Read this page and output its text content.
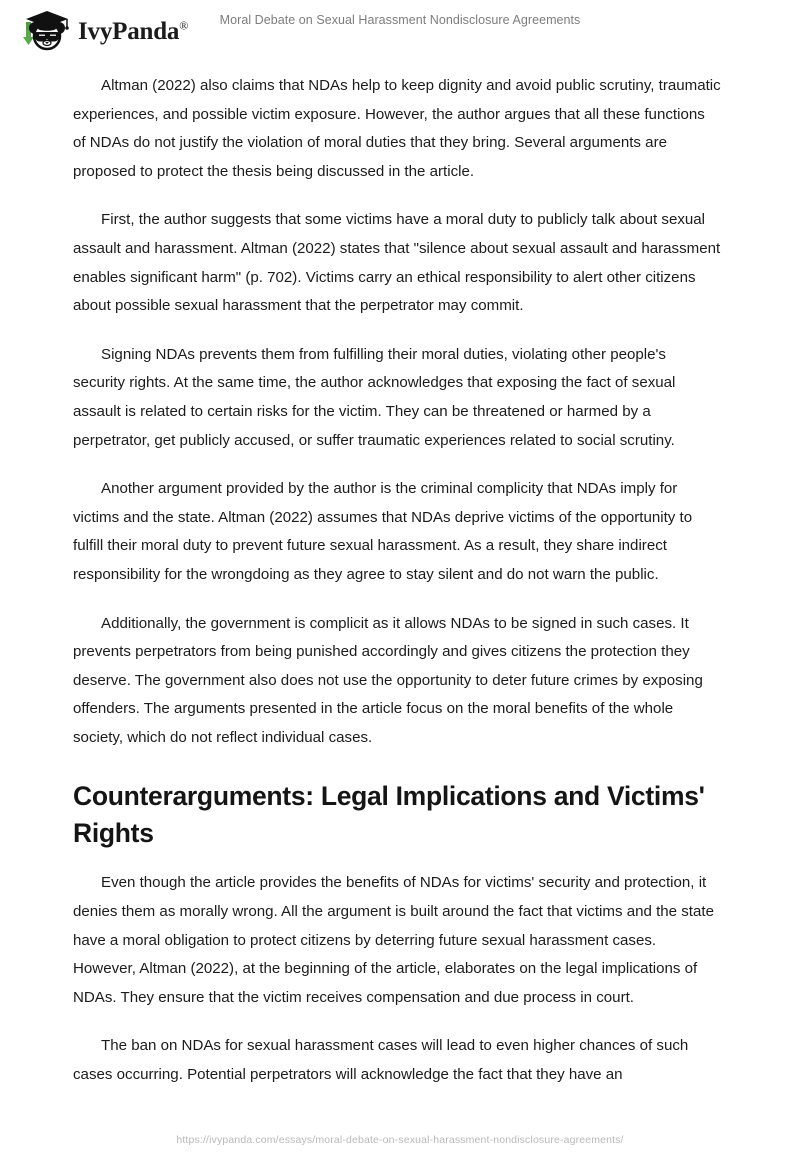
IvyPanda®	Moral Debate on Sexual Harassment Nondisclosure Agreements

Altman (2022) also claims that NDAs help to keep dignity and avoid public scrutiny, traumatic experiences, and possible victim exposure. However, the author argues that all these functions of NDAs do not justify the violation of moral duties that they bring. Several arguments are proposed to protect the thesis being discussed in the article.

First, the author suggests that some victims have a moral duty to publicly talk about sexual assault and harassment. Altman (2022) states that "silence about sexual assault and harassment enables significant harm" (p. 702). Victims carry an ethical responsibility to alert other citizens about possible sexual harassment that the perpetrator may commit.

Signing NDAs prevents them from fulfilling their moral duties, violating other people's security rights. At the same time, the author acknowledges that exposing the fact of sexual assault is related to certain risks for the victim. They can be threatened or harmed by a perpetrator, get publicly accused, or suffer traumatic experiences related to social scrutiny.

Another argument provided by the author is the criminal complicity that NDAs imply for victims and the state. Altman (2022) assumes that NDAs deprive victims of the opportunity to fulfill their moral duty to prevent future sexual harassment. As a result, they share indirect responsibility for the wrongdoing as they agree to stay silent and do not warn the public.

Additionally, the government is complicit as it allows NDAs to be signed in such cases. It prevents perpetrators from being punished accordingly and gives citizens the protection they deserve. The government also does not use the opportunity to deter future crimes by exposing offenders. The arguments presented in the article focus on the moral benefits of the whole society, which do not reflect individual cases.

Counterarguments: Legal Implications and Victims' Rights

Even though the article provides the benefits of NDAs for victims' security and protection, it denies them as morally wrong. All the argument is built around the fact that victims and the state have a moral obligation to protect citizens by deterring future sexual harassment cases. However, Altman (2022), at the beginning of the article, elaborates on the legal implications of NDAs. They ensure that the victim receives compensation and due process in court.

The ban on NDAs for sexual harassment cases will lead to even higher chances of such cases occurring. Potential perpetrators will acknowledge the fact that they have an

https://ivypanda.com/essays/moral-debate-on-sexual-harassment-nondisclosure-agreements/
